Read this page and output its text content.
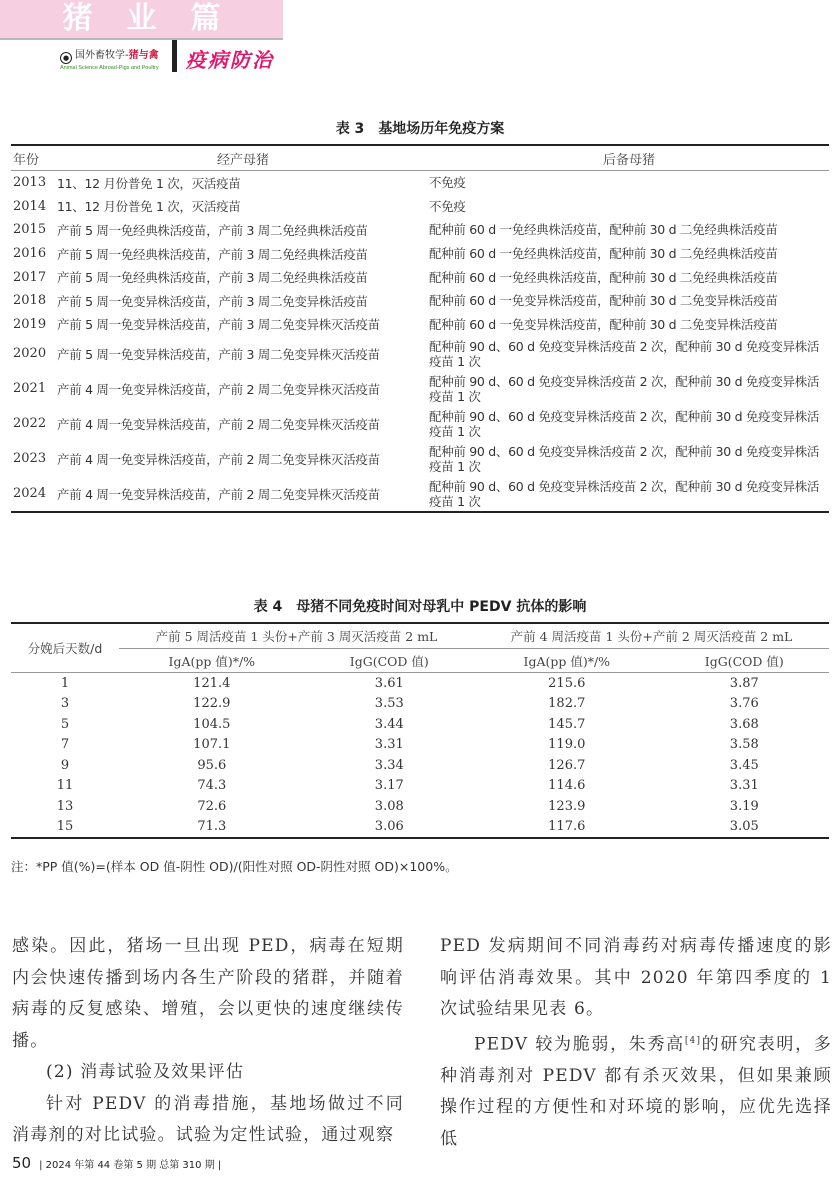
猪业篇
● 国外畜牧学-猪与禽
Animal Science Abroad-Pigs and Poultry	疫病防治
表 3 基地场历年免疫方案
年份	经产母猪	后备母猪
2013	11、12 月份普免 1 次，灭活疫苗	不免疫
2014	11、12 月份普免 1 次，灭活疫苗	不免疫
2015	产前 5 周一免经典株活疫苗，产前 3 周二免经典株活疫苗	配种前 60 d 一免经典株活疫苗，配种前 30 d 二免经典株活疫苗
2016	产前 5 周一免经典株活疫苗，产前 3 周二免经典株活疫苗	配种前 60 d 一免经典株活疫苗，配种前 30 d 二免经典株活疫苗
2017	产前 5 周一免经典株活疫苗，产前 3 周二免经典株活疫苗	配种前 60 d 一免经典株活疫苗，配种前 30 d 二免经典株活疫苗
2018	产前 5 周一免变异株活疫苗，产前 3 周二免变异株活疫苗	配种前 60 d 一免变异株活疫苗，配种前 30 d 二免变异株活疫苗
2019	产前 5 周一免变异株活疫苗，产前 3 周二免变异株灭活疫苗	配种前 60 d 一免变异株活疫苗，配种前 30 d 二免变异株活疫苗
2020	产前 5 周一免变异株活疫苗，产前 3 周二免变异株灭活疫苗	配种前 90 d、60 d 免疫变异株活疫苗 2 次，配种前 30 d 免疫变异株活疫苗 1 次
2021	产前 4 周一免变异株活疫苗，产前 2 周二免变异株灭活疫苗	配种前 90 d、60 d 免疫变异株活疫苗 2 次，配种前 30 d 免疫变异株活疫苗 1 次
2022	产前 4 周一免变异株活疫苗，产前 2 周二免变异株灭活疫苗	配种前 90 d、60 d 免疫变异株活疫苗 2 次，配种前 30 d 免疫变异株活疫苗 1 次
2023	产前 4 周一免变异株活疫苗，产前 2 周二免变异株灭活疫苗	配种前 90 d、60 d 免疫变异株活疫苗 2 次，配种前 30 d 免疫变异株活疫苗 1 次
2024	产前 4 周一免变异株活疫苗，产前 2 周二免变异株灭活疫苗	配种前 90 d、60 d 免疫变异株活疫苗 2 次，配种前 30 d 免疫变异株活疫苗 1 次
表 4 母猪不同免疫时间对母乳中 PEDV 抗体的影响
分娩后天数/d	产前 5 周活疫苗 1 头份+产前 3 周灭活疫苗 2 mL		产前 4 周活疫苗 1 头份+产前 2 周灭活疫苗 2 mL	
	IgA(pp 值)*/%	IgG(COD 值)	IgA(pp 值)*/%	IgG(COD 值)
1	121.4	3.61	215.6	3.87
3	122.9	3.53	182.7	3.76
5	104.5	3.44	145.7	3.68
7	107.1	3.31	119.0	3.58
9	95.6	3.34	126.7	3.45
11	74.3	3.17	114.6	3.31
13	72.6	3.08	123.9	3.19
15	71.3	3.06	117.6	3.05
注：*PP 值(%)=(样本 OD 值-阴性 OD)/(阳性对照 OD-阴性对照 OD)×100%。

感染。因此，猪场一旦出现 PED，病毒在短期内会快速传播到场内各生产阶段的猪群，并随着病毒的反复感染、增殖，会以更快的速度继续传播。

(2) 消毒试验及效果评估

针对 PEDV 的消毒措施，基地场做过不同消毒剂的对比试验。试验为定性试验，通过观察

PED 发病期间不同消毒药对病毒传播速度的影响评估消毒效果。其中 2020 年第四季度的 1 次试验结果见表 6。

PEDV 较为脆弱，朱秀高[4]的研究表明，多种消毒剂对 PEDV 都有杀灭效果，但如果兼顾操作过程的方便性和对环境的影响，应优先选择低

50 | 2024 年第 44 卷第 5 期 总第 310 期 |
